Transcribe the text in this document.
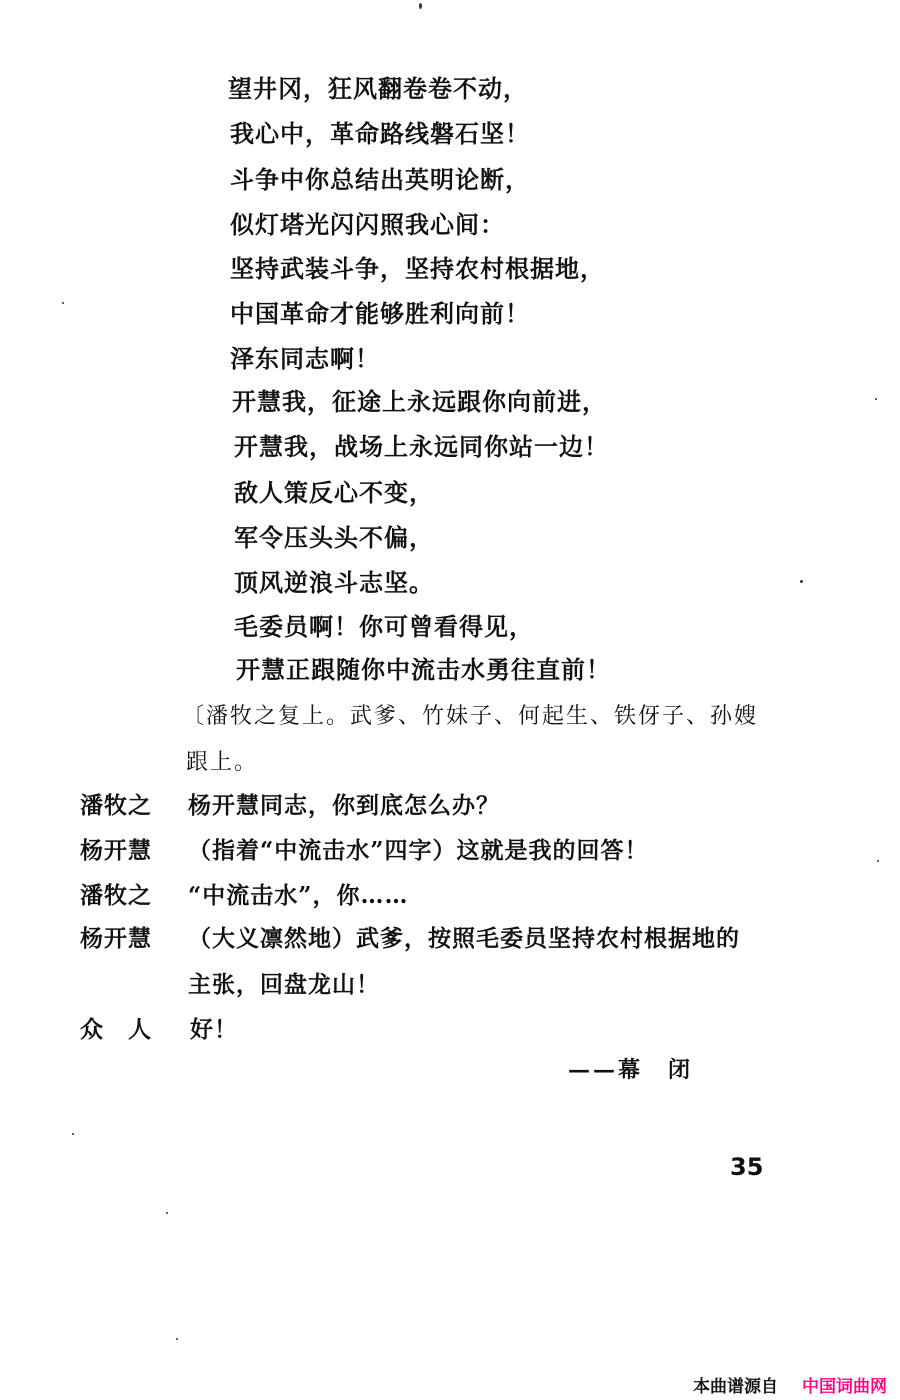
望井冈，狂风翻卷卷不动，
我心中，革命路线磐石坚！
斗争中你总结出英明论断，
似灯塔光闪闪照我心间：
坚持武装斗争，坚持农村根据地，
中国革命才能够胜利向前！
泽东同志啊！
开慧我，征途上永远跟你向前进，
开慧我，战场上永远同你站一边！
敌人策反心不变，
军令压头头不偏，
顶风逆浪斗志坚。
毛委员啊！你可曾看得见，
开慧正跟随你中流击水勇往直前！
〔潘牧之复上。武爹、竹妹子、何起生、铁伢子、孙嫂
跟上。
潘牧之 杨开慧同志，你到底怎么办？
杨开慧 （指着“中流击水”四字）这就是我的回答！
潘牧之 “中流击水”，你……
杨开慧 （大义凛然地）武爹，按照毛委员坚持农村根据地的
主张，回盘龙山！
众　人 好！
——幕　闭
35
本曲谱源自 中国词曲网
